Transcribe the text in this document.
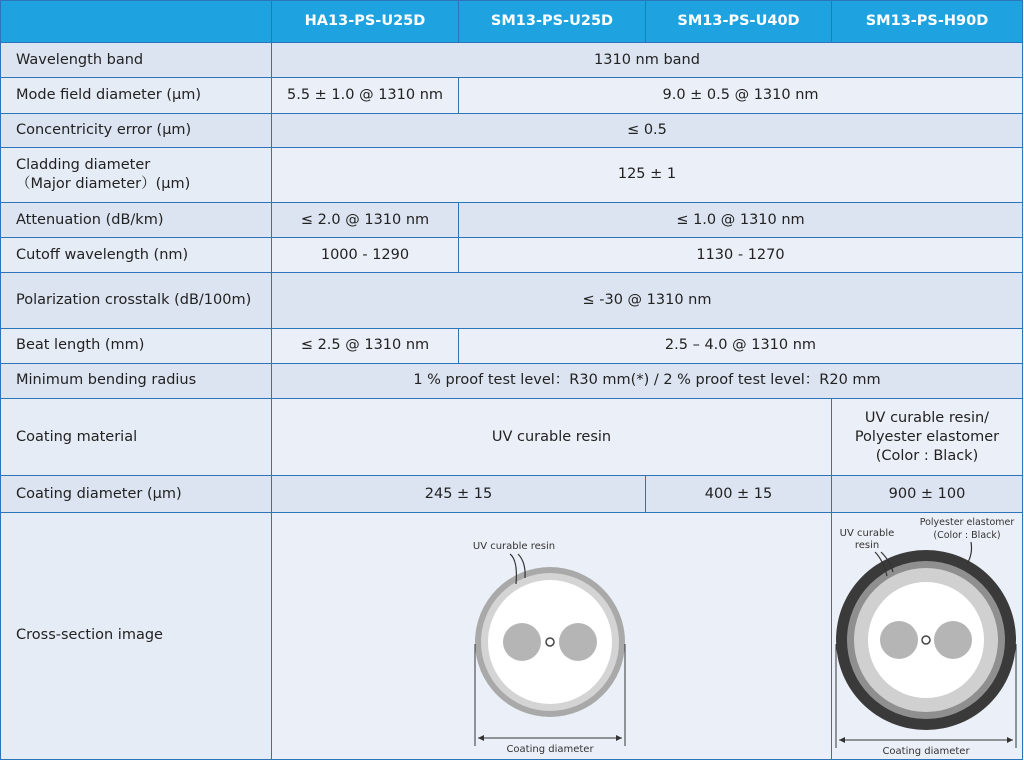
	HA13-PS-U25D	SM13-PS-U25D	SM13-PS-U40D	SM13-PS-H90D
Wavelength band	1310 nm band			
Mode field diameter (μm)	5.5 ± 1.0 @ 1310 nm	9.0 ± 0.5 @ 1310 nm		
Concentricity error (μm)	≤ 0.5			

Cladding diameter
（Major diameter）(μm)	125 ± 1			
Attenuation (dB/km)	≤ 2.0 @ 1310 nm	≤ 1.0 @ 1310 nm		
Cutoff wavelength (nm)	1000 - 1290	1130 - 1270		
Polarization crosstalk (dB/100m)	≤ -30 @ 1310 nm			
Beat length (mm)	≤ 2.5 @ 1310 nm	2.5 – 4.0 @ 1310 nm		
Minimum bending radius	1 % proof test level：R30 mm(*) / 2 % proof test level：R20 mm			
Coating material	UV curable resin			UV curable resin/
Polyester elastomer
(Color : Black)

Coating diameter (μm)	245 ± 15		400 ± 15	900 ± 100
Cross-section image	UV curable resin
Coating diameter			UV curable
resin
Polyester elastomer
(Color : Black)
Coating diameter
